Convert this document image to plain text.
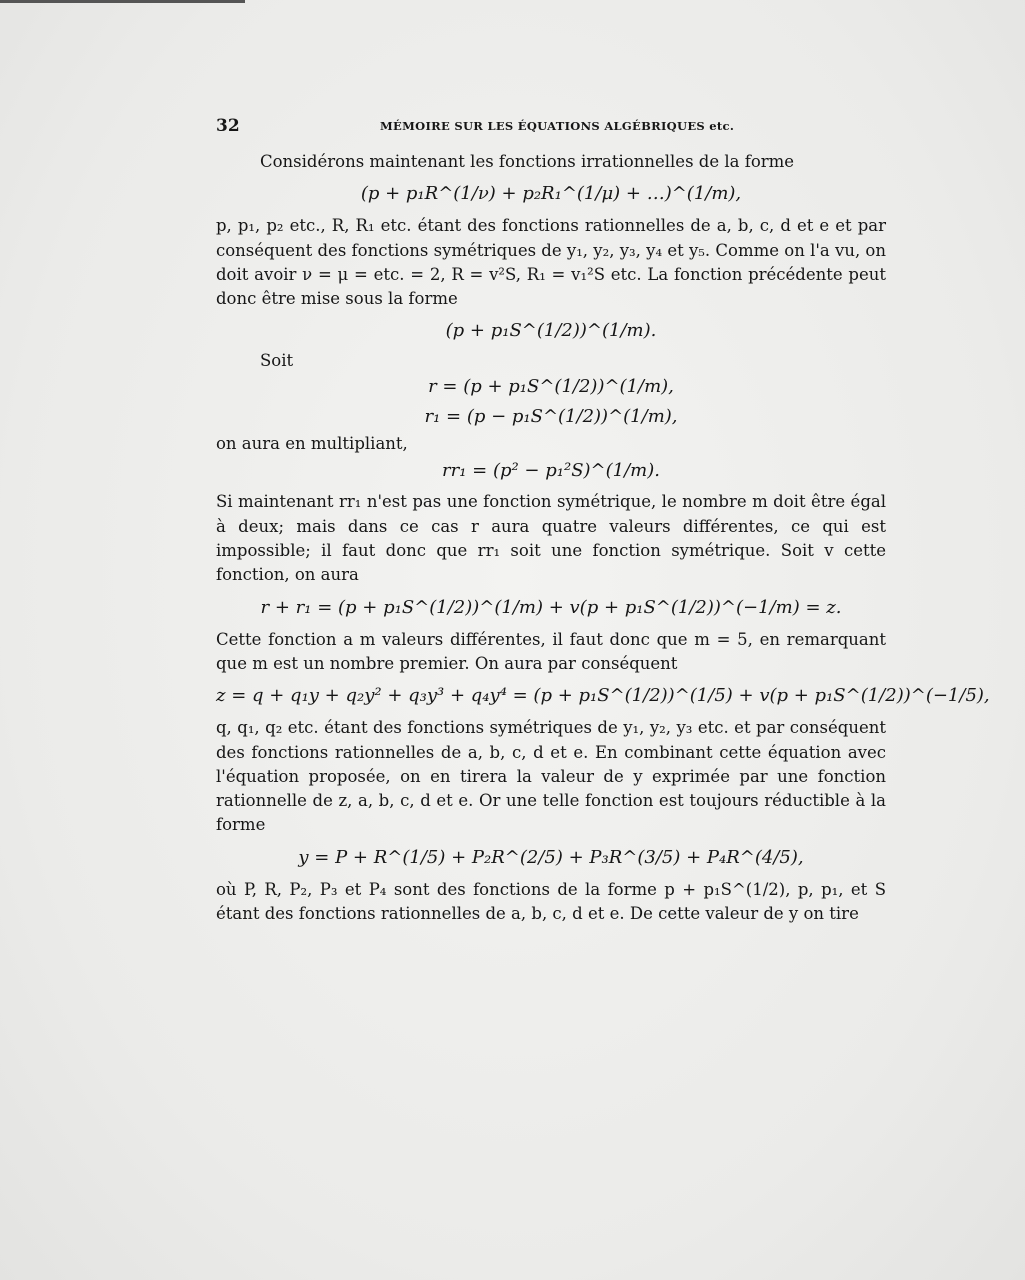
32	MÉMOIRE SUR LES ÉQUATIONS ALGÉBRIQUES etc.

Considérons maintenant les fonctions irrationnelles de la forme

(p + p₁R^(1/ν) + p₂R₁^(1/μ) + …)^(1/m),

p, p₁, p₂ etc., R, R₁ etc. étant des fonctions rationnelles de a, b, c, d et e et par conséquent des fonctions symétriques de y₁, y₂, y₃, y₄ et y₅. Comme on l'a vu, on doit avoir ν = μ = etc. = 2, R = v²S, R₁ = v₁²S etc. La fonction précédente peut donc être mise sous la forme

(p + p₁S^(1/2))^(1/m).

Soit

r = (p + p₁S^(1/2))^(1/m),
r₁ = (p − p₁S^(1/2))^(1/m),

on aura en multipliant,

rr₁ = (p² − p₁²S)^(1/m).

Si maintenant rr₁ n'est pas une fonction symétrique, le nombre m doit être égal à deux; mais dans ce cas r aura quatre valeurs différentes, ce qui est impossible; il faut donc que rr₁ soit une fonction symétrique. Soit v cette fonction, on aura

r + r₁ = (p + p₁S^(1/2))^(1/m) + v(p + p₁S^(1/2))^(−1/m) = z.

Cette fonction a m valeurs différentes, il faut donc que m = 5, en remarquant que m est un nombre premier. On aura par conséquent

z = q + q₁y + q₂y² + q₃y³ + q₄y⁴ = (p + p₁S^(1/2))^(1/5) + v(p + p₁S^(1/2))^(−1/5),

q, q₁, q₂ etc. étant des fonctions symétriques de y₁, y₂, y₃ etc. et par conséquent des fonctions rationnelles de a, b, c, d et e. En combinant cette équation avec l'équation proposée, on en tirera la valeur de y exprimée par une fonction rationnelle de z, a, b, c, d et e. Or une telle fonction est toujours réductible à la forme

y = P + R^(1/5) + P₂R^(2/5) + P₃R^(3/5) + P₄R^(4/5),

où P, R, P₂, P₃ et P₄ sont des fonctions de la forme p + p₁S^(1/2), p, p₁, et S étant des fonctions rationnelles de a, b, c, d et e. De cette valeur de y on tire
